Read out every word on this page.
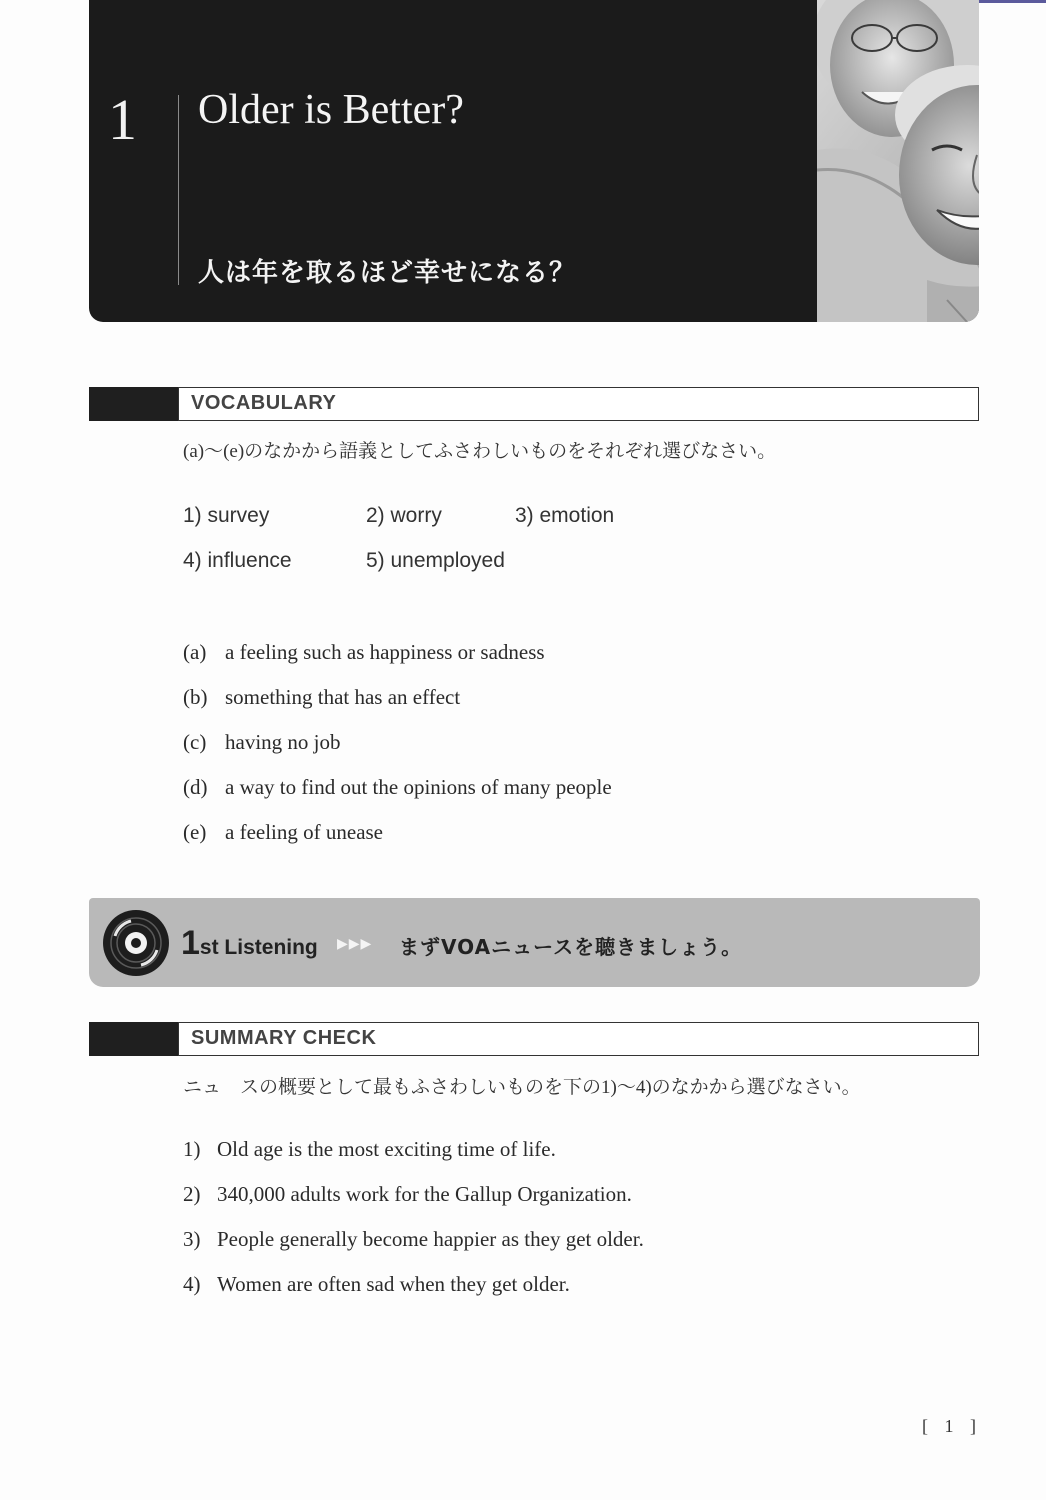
1 Older is Better?
人は年を取るほど幸せになる？
VOCABULARY
(a)～(e)のなかから語義としてふさわしいものをそれぞれ選びなさい。
1) survey	2) worry	3) emotion
4) influence	5) unemployed
(a) a feeling such as happiness or sadness
(b) something that has an effect
(c) having no job
(d) a way to find out the opinions of many people
(e) a feeling of unease
1st Listening ▶▶▶ まずVOAニュースを聴きましょう。
SUMMARY CHECK
ニュ　スの概要として最もふさわしいものを下の1)～4)のなかから選びなさい。
1) Old age is the most exciting time of life.
2) 340,000 adults work for the Gallup Organization.
3) People generally become happier as they get older.
4) Women are often sad when they get older.
[ 1 ]
